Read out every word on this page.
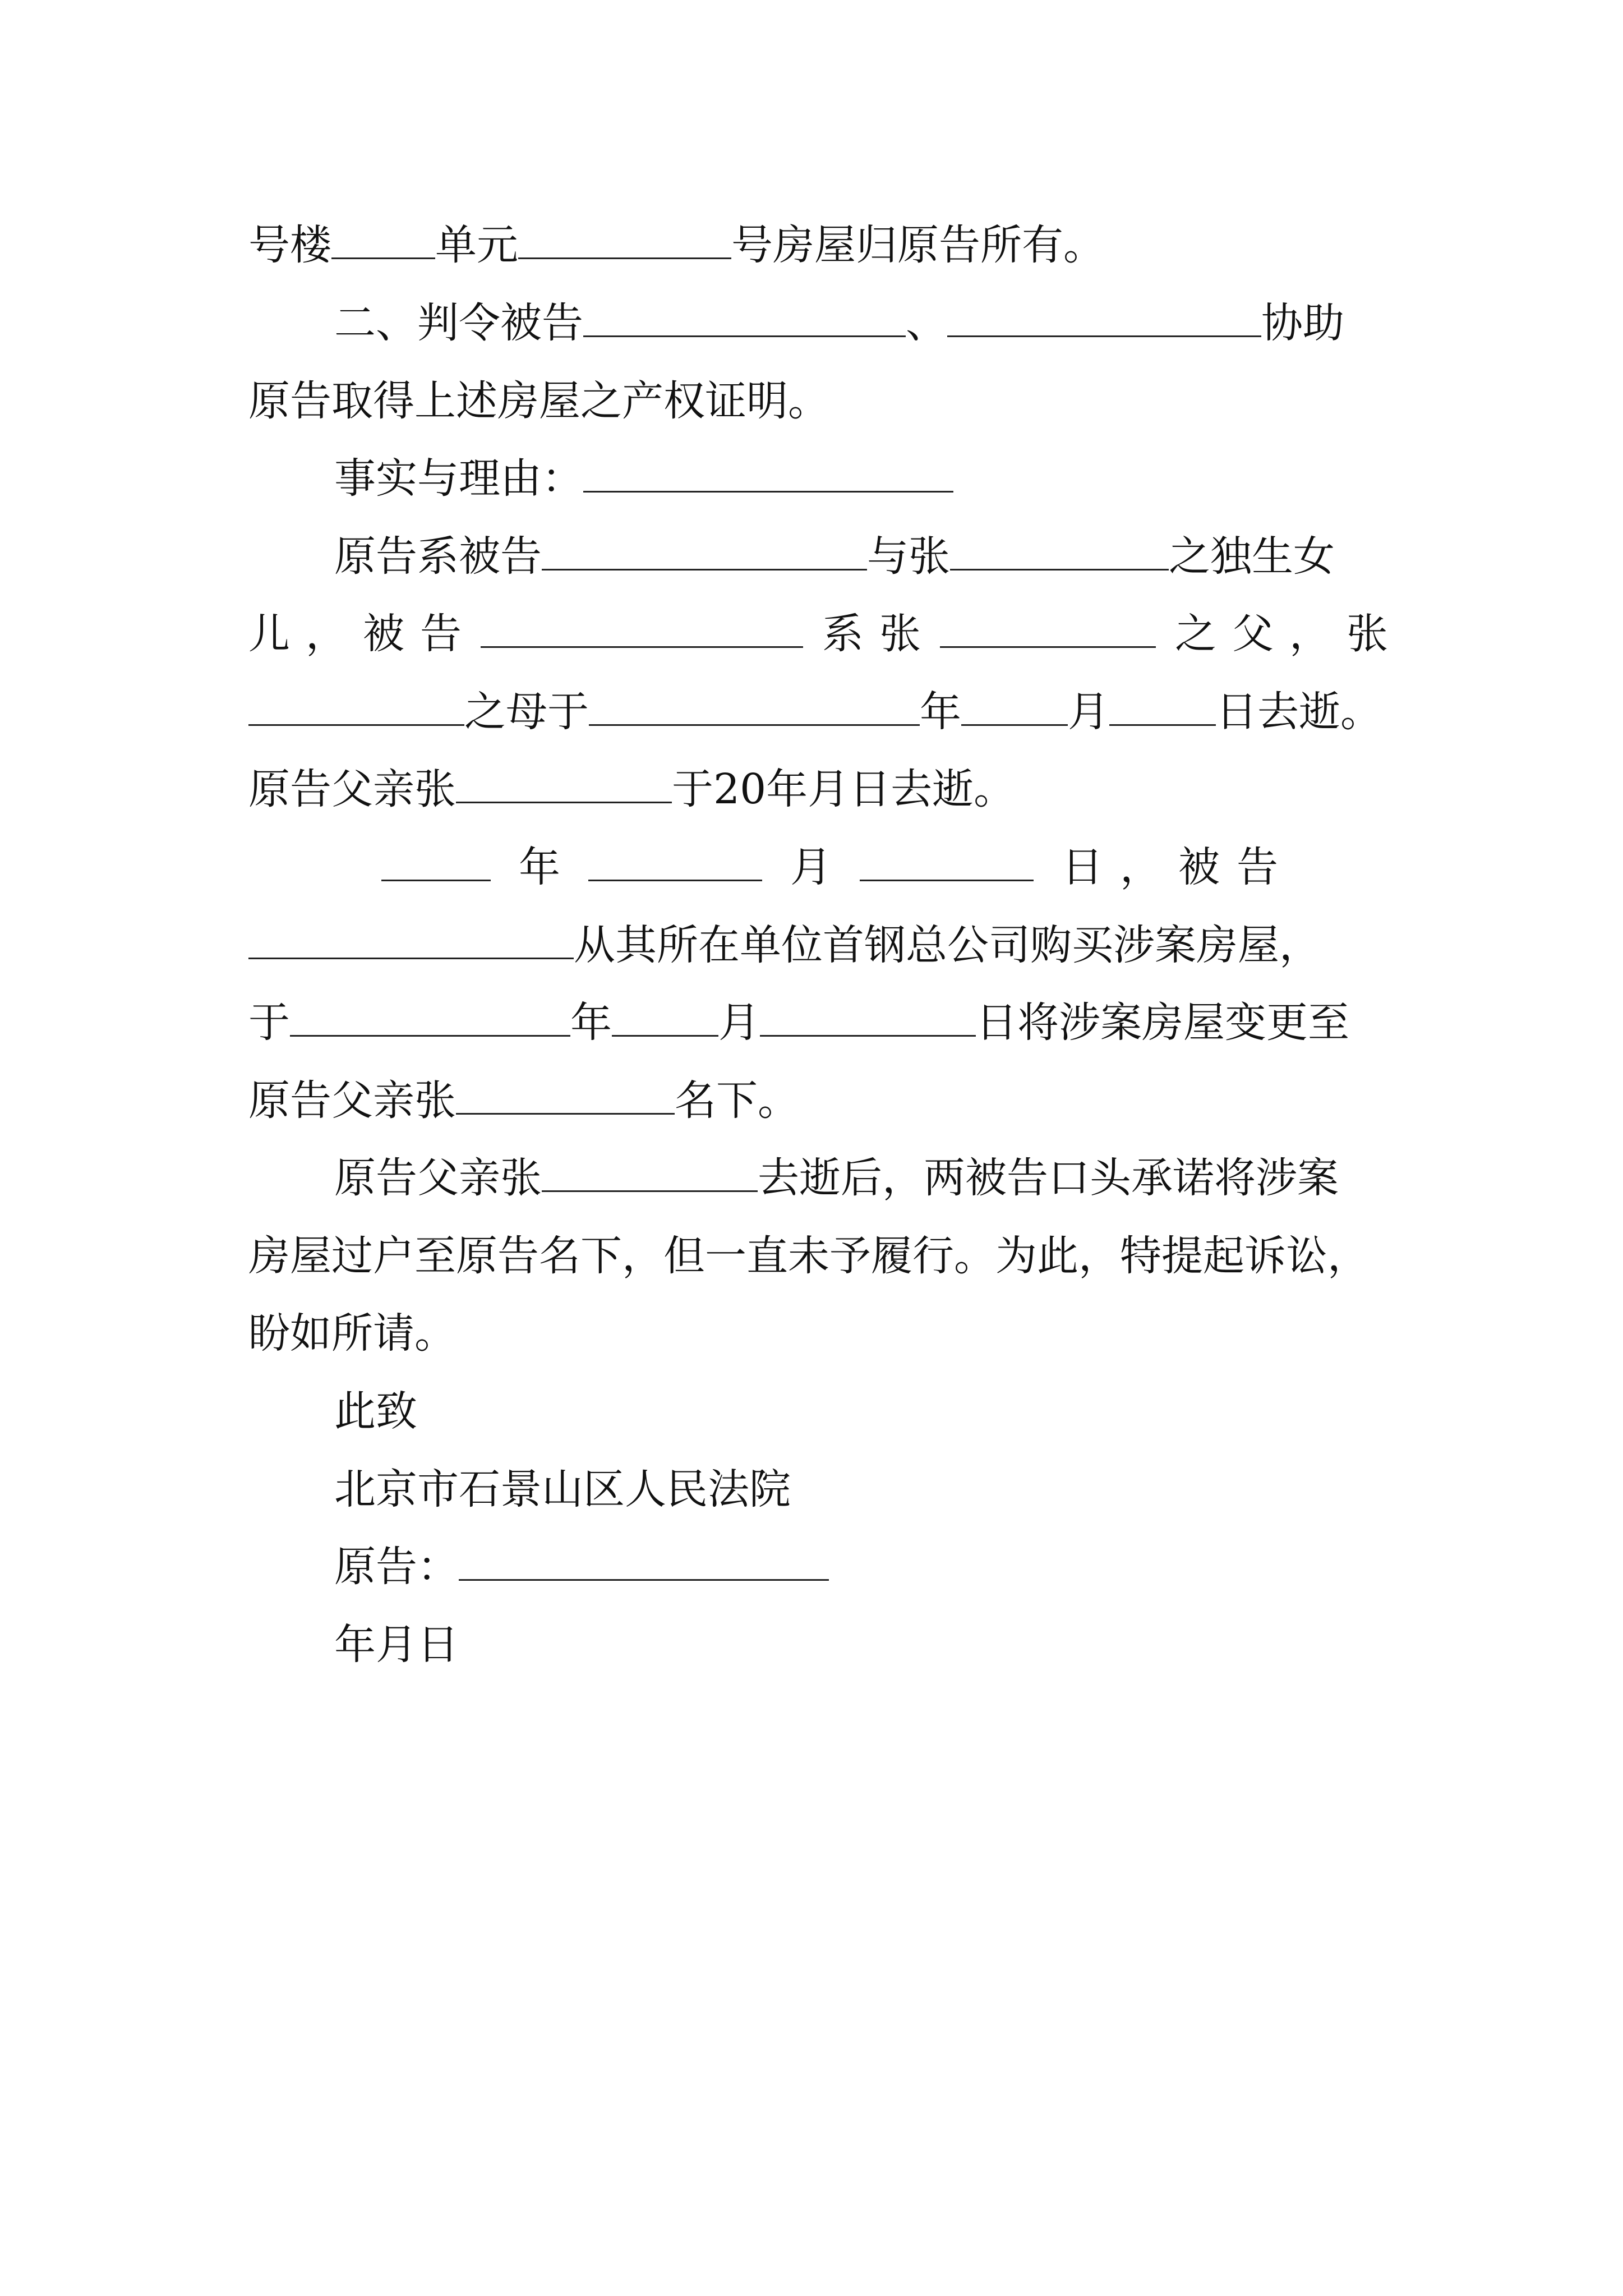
号楼	单元	号房屋归原告所有。
二、判令被告	、	协助
原告取得上述房屋之产权证明。
事实与理由：
原告系被告	与张	之独生女
儿 ， 被 告	系 张	之 父 ， 张
之母于	年	月	日去逝。
原告父亲张	于20年月日去逝。
年	月	日 ， 被 告
从其所在单位首钢总公司购买涉案房屋，
于	年	月	日将涉案房屋变更至
原告父亲张	名下。
原告父亲张	去逝后，两被告口头承诺将涉案
房屋过户至原告名下，但一直未予履行。为此，特提起诉讼，
盼如所请。
此致
北京市石景山区人民法院
原告：
年月日
